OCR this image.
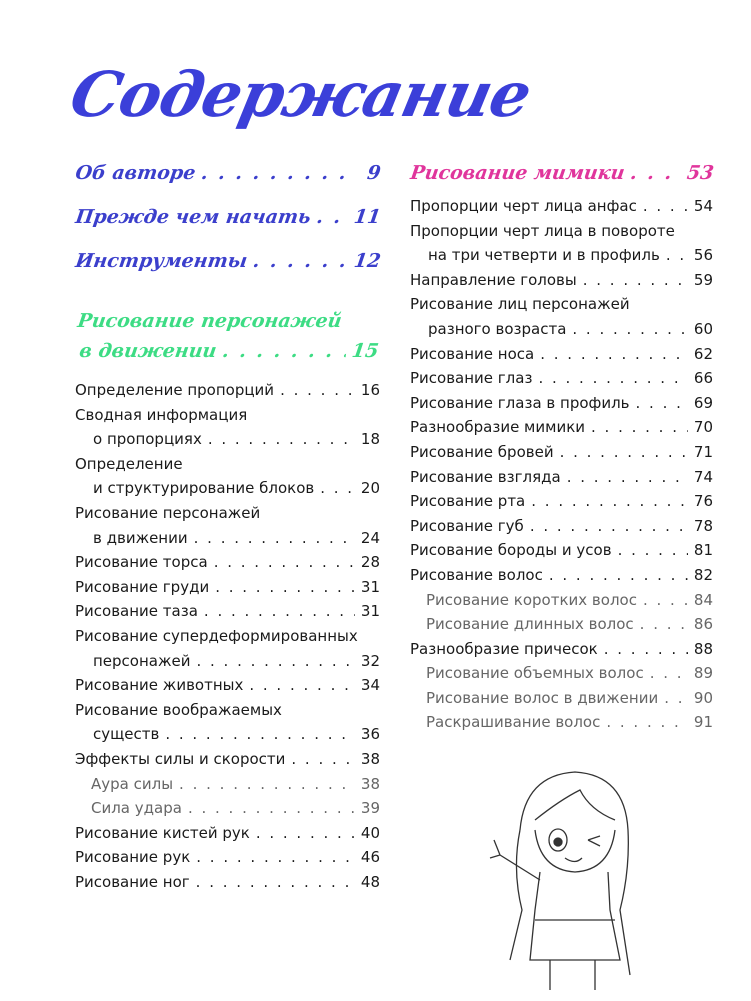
Содержание
Об авторе . . .	9
Прежде чем начать . . . 11
Инструменты . . .	12
Рисование персонажей
в движении . . .	15
Определение пропорций . . .	16
Сводная информация
о пропорциях . . .	18
Определение
и структурирование блоков . . .	20
Рисование персонажей
в движении . . .	24
Рисование торса . . .	28
Рисование груди . . .	31
Рисование таза . . .	31
Рисование супердеформированных
персонажей . . .	32
Рисование животных . . .	34
Рисование воображаемых
существ . . .	36
Эффекты силы и скорости . . .	38
Аура силы . . .	38
Сила удара . . .	39
Рисование кистей рук . . .	40
Рисование рук . . .	46
Рисование ног . . .	48
Рисование мимики . . .	53
Пропорции черт лица анфас . . .	54
Пропорции черт лица в повороте
на три четверти и в профиль . . . 56
Направление головы . . .	59
Рисование лиц персонажей
разного возраста . . .	60
Рисование носа . . .	62
Рисование глаз . . .	66
Рисование глаза в профиль . . .	69
Разнообразие мимики . . .	70
Рисование бровей . . .	71
Рисование взгляда . . .	74
Рисование рта . . .	76
Рисование губ . . .	78
Рисование бороды и усов . . .	81
Рисование волос . . .	82
Рисование коротких волос . . .	84
Рисование длинных волос . . .	86
Разнообразие причесок . . .	88
Рисование объемных волос . . .	89
Рисование волос в движении . . . 90
Раскрашивание волос . . .	91
